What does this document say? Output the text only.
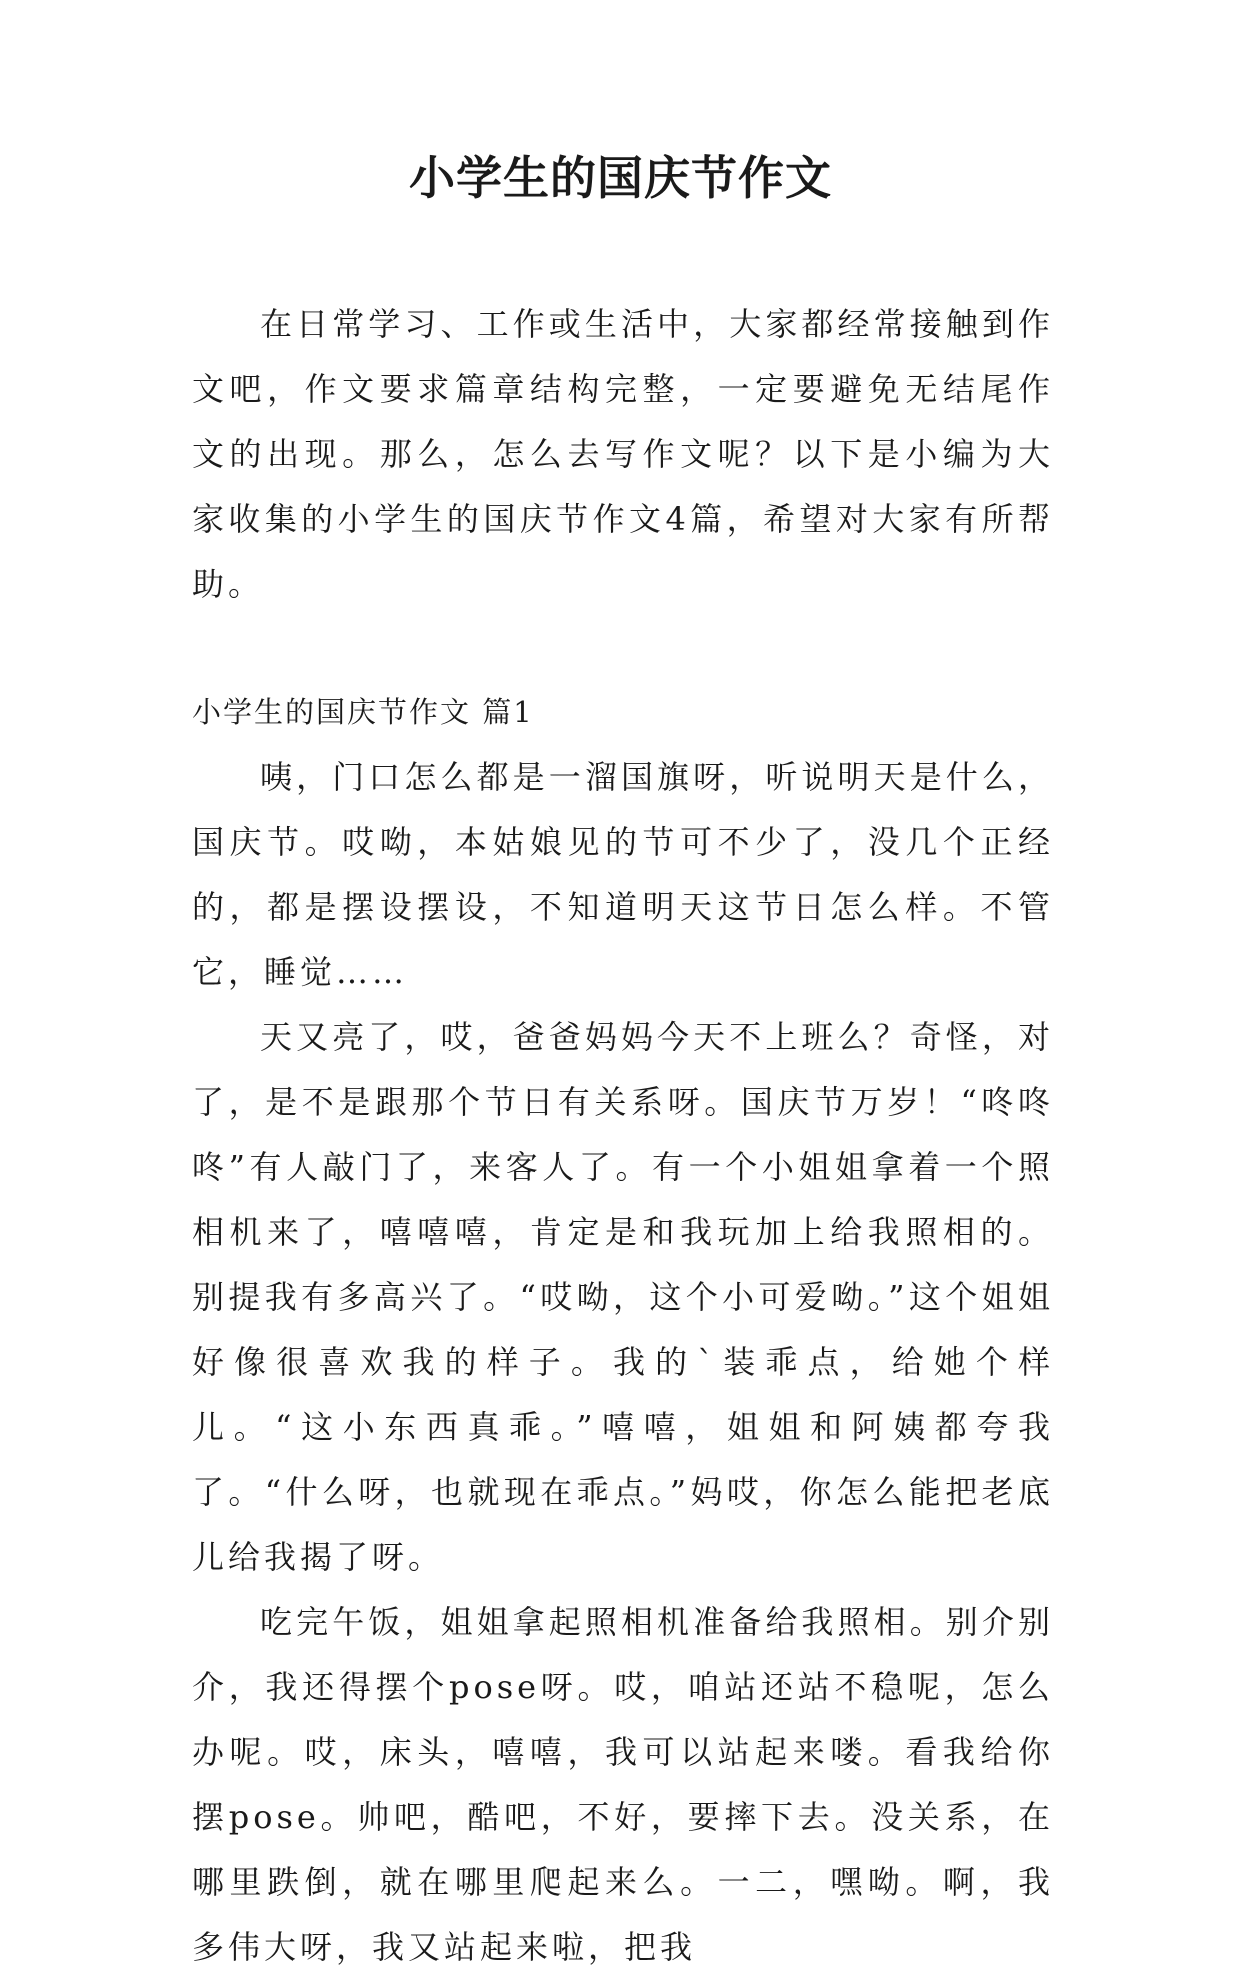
小学生的国庆节作文

在日常学习、工作或生活中，大家都经常接触到作文吧，作文要求篇章结构完整，一定要避免无结尾作文的出现。那么，怎么去写作文呢？以下是小编为大家收集的小学生的国庆节作文4篇，希望对大家有所帮助。

小学生的国庆节作文 篇1

咦，门口怎么都是一溜国旗呀，听说明天是什么，国庆节。哎呦，本姑娘见的节可不少了，没几个正经的，都是摆设摆设，不知道明天这节日怎么样。不管它，睡觉……

天又亮了，哎，爸爸妈妈今天不上班么？奇怪，对了，是不是跟那个节日有关系呀。国庆节万岁！“咚咚咚”有人敲门了，来客人了。有一个小姐姐拿着一个照相机来了，嘻嘻嘻，肯定是和我玩加上给我照相的。别提我有多高兴了。“哎呦，这个小可爱呦。”这个姐姐好像很喜欢我的样子。我的`装乖点，给她个样儿。“这小东西真乖。”嘻嘻，姐姐和阿姨都夸我了。“什么呀，也就现在乖点。”妈哎，你怎么能把老底儿给我揭了呀。

吃完午饭，姐姐拿起照相机准备给我照相。别介别介，我还得摆个pose呀。哎，咱站还站不稳呢，怎么办呢。哎，床头，嘻嘻，我可以站起来喽。看我给你摆pose。帅吧，酷吧，不好，要摔下去。没关系，在哪里跌倒，就在哪里爬起来么。一二，嘿呦。啊，我多伟大呀，我又站起来啦，把我
